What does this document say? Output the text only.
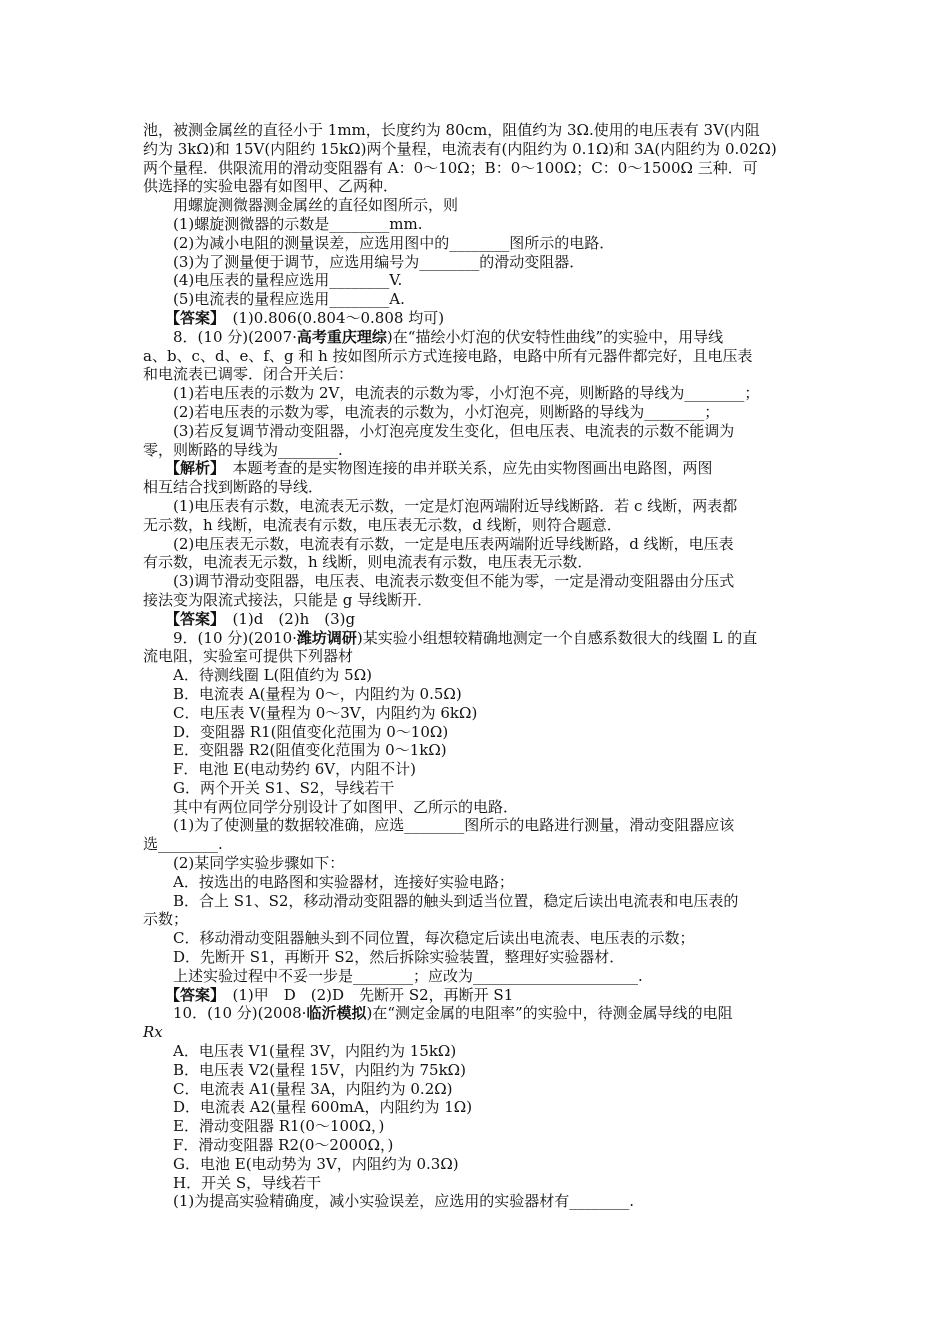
池，被测金属丝的直径小于 1mm，长度约为 80cm，阻值约为 3Ω.使用的电压表有 3V(内阻

约为 3kΩ)和 15V(内阻约 15kΩ)两个量程，电流表有(内阻约为 0.1Ω)和 3A(内阻约为 0.02Ω)

两个量程．供限流用的滑动变阻器有 A：0～10Ω；B：0～100Ω；C：0～1500Ω 三种．可

供选择的实验电器有如图甲、乙两种．

用螺旋测微器测金属丝的直径如图所示，则

(1)螺旋测微器的示数是________mm.

(2)为减小电阻的测量误差，应选用图中的________图所示的电路．

(3)为了测量便于调节，应选用编号为________的滑动变阻器．

(4)电压表的量程应选用________V.

(5)电流表的量程应选用________A.

【答案】　(1)0.806(0.804～0.808 均可)

8．(10 分)(2007·高考重庆理综)在“描绘小灯泡的伏安特性曲线”的实验中，用导线

a、b、c、d、e、f、g 和 h 按如图所示方式连接电路，电路中所有元器件都完好，且电压表

和电流表已调零．闭合开关后：

(1)若电压表的示数为 2V，电流表的示数为零，小灯泡不亮，则断路的导线为________；

(2)若电压表的示数为零，电流表的示数为，小灯泡亮，则断路的导线为________；

(3)若反复调节滑动变阻器，小灯泡亮度发生变化，但电压表、电流表的示数不能调为

零，则断路的导线为________.

【解析】　本题考查的是实物图连接的串并联关系，应先由实物图画出电路图，两图

相互结合找到断路的导线．

(1)电压表有示数，电流表无示数，一定是灯泡两端附近导线断路．若 c 线断，两表都

无示数，h 线断，电流表有示数，电压表无示数，d 线断，则符合题意．

(2)电压表无示数，电流表有示数，一定是电压表两端附近导线断路，d 线断，电压表

有示数，电流表无示数，h 线断，则电流表有示数，电压表无示数．

(3)调节滑动变阻器，电压表、电流表示数变但不能为零，一定是滑动变阻器由分压式

接法变为限流式接法，只能是 g 导线断开．

【答案】　(1)d　(2)h　(3)g

9．(10 分)(2010·潍坊调研)某实验小组想较精确地测定一个自感系数很大的线圈 L 的直

流电阻，实验室可提供下列器材

A．待测线圈 L(阻值约为 5Ω)

B．电流表 A(量程为 0～，内阻约为 0.5Ω)

C．电压表 V(量程为 0～3V，内阻约为 6kΩ)

D．变阻器 R1(阻值变化范围为 0～10Ω)

E．变阻器 R2(阻值变化范围为 0～1kΩ)

F．电池 E(电动势约 6V，内阻不计)

G．两个开关 S1、S2，导线若干

其中有两位同学分别设计了如图甲、乙所示的电路．

(1)为了使测量的数据较准确，应选________图所示的电路进行测量，滑动变阻器应该

选________.

(2)某同学实验步骤如下：

A．按选出的电路图和实验器材，连接好实验电路；

B．合上 S1、S2，移动滑动变阻器的触头到适当位置，稳定后读出电流表和电压表的

示数；

C．移动滑动变阻器触头到不同位置，每次稳定后读出电流表、电压表的示数；

D．先断开 S1，再断开 S2，然后拆除实验装置，整理好实验器材．

上述实验过程中不妥一步是________；应改为______________________.

【答案】　(1)甲　D　(2)D　先断开 S2，再断开 S1

10．(10 分)(2008·临沂模拟)在“测定金属的电阻率”的实验中，待测金属导线的电阻

Rx

A．电压表 V1(量程 3V，内阻约为 15kΩ)

B．电压表 V2(量程 15V，内阻约为 75kΩ)

C．电流表 A1(量程 3A，内阻约为 0.2Ω)

D．电流表 A2(量程 600mA，内阻约为 1Ω)

E．滑动变阻器 R1(0～100Ω，)

F．滑动变阻器 R2(0～2000Ω，)

G．电池 E(电动势为 3V，内阻约为 0.3Ω)

H．开关 S，导线若干

(1)为提高实验精确度，减小实验误差，应选用的实验器材有________.
